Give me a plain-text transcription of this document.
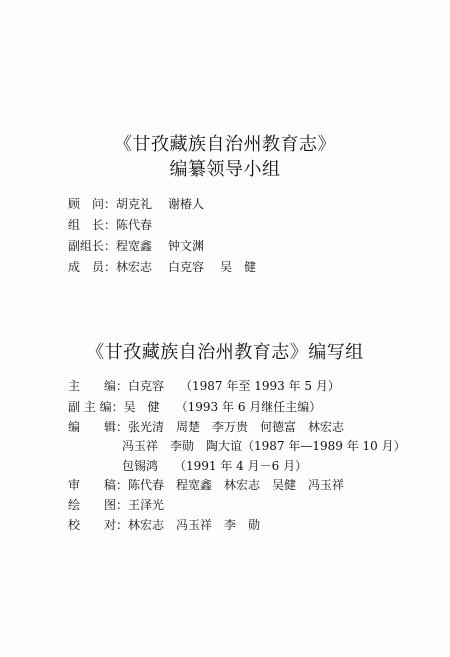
《甘孜藏族自治州教育志》
编纂领导小组
顾　问：胡克礼 谢椿人
组　长：陈代春
副组长：程宽鑫 钟文渊
成　员：林宏志 白克容 吴　健
《甘孜藏族自治州教育志》编写组
主　　编：白克容 （1987 年至 1993 年 5 月）
副 主 编：吴　健 （1993 年 6 月继任主编）
编　　辑：张光清　周楚　李万贵　何德富　林宏志
冯玉祥　李勋　陶大谊（1987 年—1989 年 10 月）
包锡鸿 （1991 年 4 月－6 月）
审　　稿：陈代春　程宽鑫　林宏志　吴健　冯玉祥
绘　　图：王泽光
校　　对：林宏志　冯玉祥　李　勋
